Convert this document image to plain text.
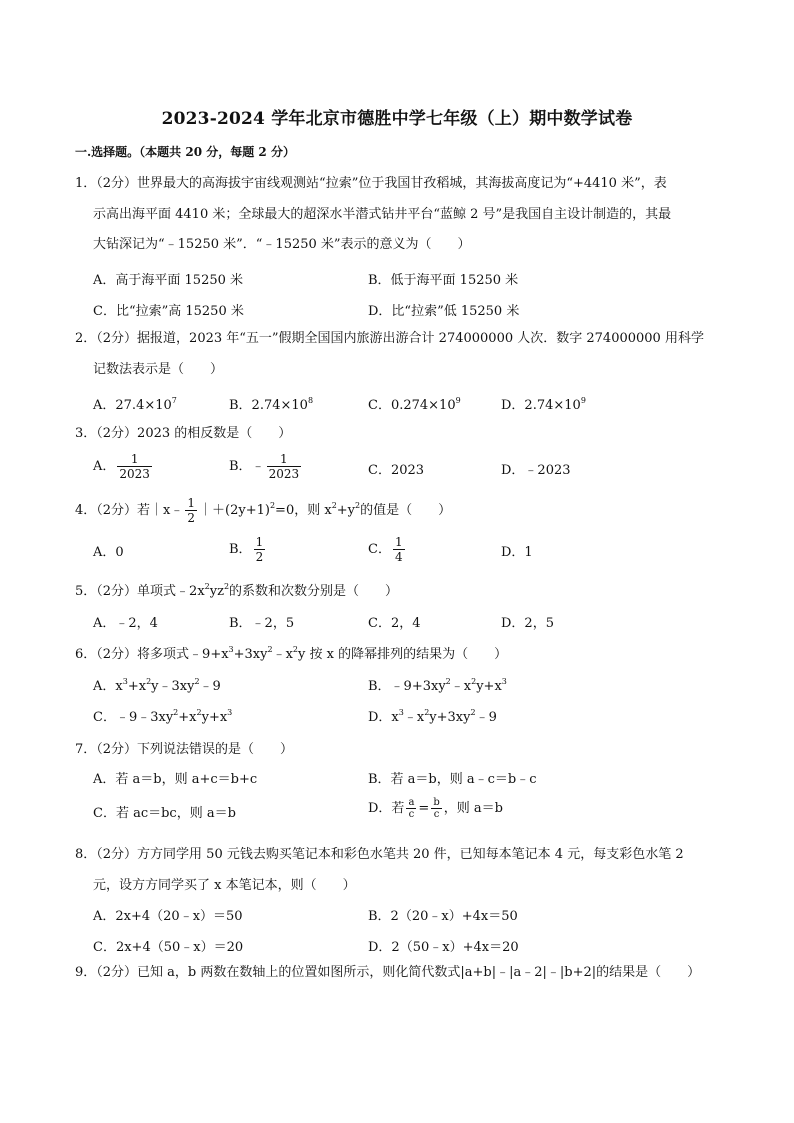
2023-2024 学年北京市德胜中学七年级（上）期中数学试卷
一.选择题。（本题共 20 分，每题 2 分）
1．（2分）世界最大的高海拔宇宙线观测站“拉索”位于我国甘孜稻城，其海拔高度记为“+4410 米”，表
示高出海平面 4410 米；全球最大的超深水半潜式钻井平台“蓝鲸 2 号”是我国自主设计制造的，其最
大钻深记为“﹣15250 米”．“﹣15250 米”表示的意义为（　　）
A．高于海平面 15250 米	B．低于海平面 15250 米
C．比“拉索”高 15250 米	D．比“拉索”低 15250 米
2．（2分）据报道，2023 年“五一”假期全国国内旅游出游合计 274000000 人次．数字 274000000 用科学
记数法表示是（　　）
A．$27.4\times 10^7$	B．$2.74\times 10^8$	C．$0.274\times 10^9$	D．$2.74\times 10^9$
3．（2分）2023 的相反数是（　　）
A． $\frac{1}{2023}$	B．﹣ $\frac{1}{2023}$	C．2023	D．﹣2023
4．（2分）若｜x﹣ $\frac{1}{2}$ $|+(2y+1)^2=0$，则 $x^2+y^2$的值是（　　）
A．0	B． $\frac{1}{2}$	C． $\frac{1}{4}$	D．1
5．（2分）单项式$﹣2x^2yz^2$的系数和次数分别是（　　）
A．﹣2，4	B．﹣2，5	C．2，4	D．2，5
6．（2分）将多项式$﹣9+x^3+3xy^2﹣x^2y$ 按 x 的降幂排列的结果为（　　）
A．$x^3+x^2y﹣3xy^2﹣9$	B．$﹣9+3xy^2﹣x^2y+x^3$
C．$﹣9﹣3xy^2+x^2y+x^3$	D．$x^3﹣x^2y+3xy^2﹣9$
7．（2分）下列说法错误的是（　　）
A．若 a＝b，则 a+c＝b+c	B．若 a＝b，则 a﹣c＝b﹣c
C．若 ac＝bc，则 a＝b	D．若 $\frac{a}{c} = \frac{b}{c}$ ，则 a＝b
8．（2分）方方同学用 50 元钱去购买笔记本和彩色水笔共 20 件，已知每本笔记本 4 元，每支彩色水笔 2
元，设方方同学买了 x 本笔记本，则（　　）
A．2x+4（20﹣x）＝50	B．2（20﹣x）+4x＝50
C．2x+4（50﹣x）＝20	D．2（50﹣x）+4x＝20
9．（2分）已知 a，b 两数在数轴上的位置如图所示，则化简代数式|a+b|﹣|a﹣2|﹣|b+2|的结果是（　　）
